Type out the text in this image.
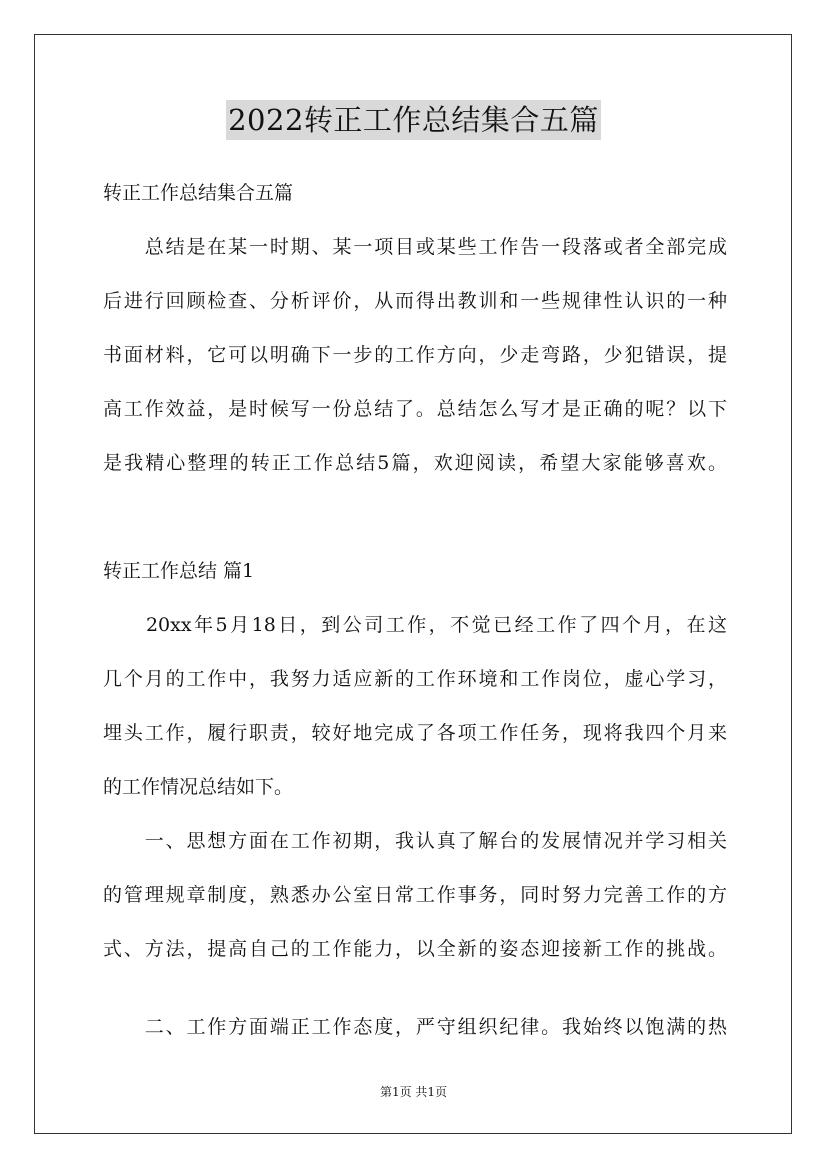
2022转正工作总结集合五篇

转正工作总结集合五篇

　　总结是在某一时期、某一项目或某些工作告一段落或者全部完成

后进行回顾检查、分析评价，从而得出教训和一些规律性认识的一种

书面材料，它可以明确下一步的工作方向，少走弯路，少犯错误，提

高工作效益，是时候写一份总结了。总结怎么写才是正确的呢？以下

是我精心整理的转正工作总结5篇，欢迎阅读，希望大家能够喜欢。

转正工作总结 篇1

　　20xx年5月18日，到公司工作，不觉已经工作了四个月，在这

几个月的工作中，我努力适应新的工作环境和工作岗位，虚心学习，

埋头工作，履行职责，较好地完成了各项工作任务，现将我四个月来

的工作情况总结如下。

　　一、思想方面在工作初期，我认真了解台的发展情况并学习相关

的管理规章制度，熟悉办公室日常工作事务，同时努力完善工作的方

式、方法，提高自己的工作能力，以全新的姿态迎接新工作的挑战。

　　二、工作方面端正工作态度，严守组织纪律。我始终以饱满的热

第1页 共1页
